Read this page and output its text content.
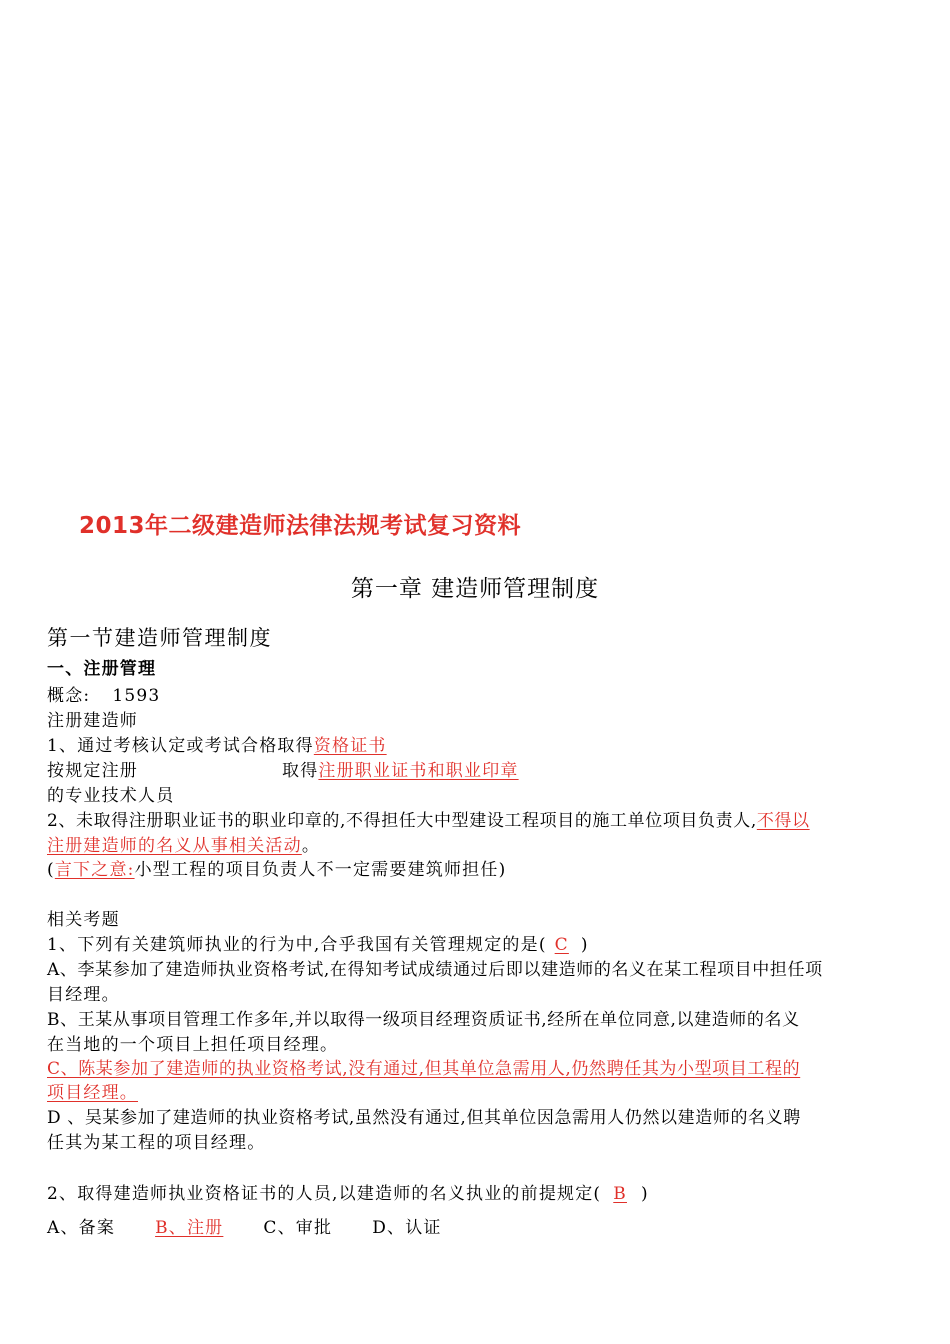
2013年二级建造师法律法规考试复习资料
第一章 建造师管理制度
第一节建造师管理制度
一、注册管理
概念: 1593
注册建造师
1、通过考核认定或考试合格取得资格证书
按规定注册	取得注册职业证书和职业印章
的专业技术人员
2、未取得注册职业证书的职业印章的,不得担任大中型建设工程项目的施工单位项目负责人,不得以
注册建造师的名义从事相关活动。
(言下之意:小型工程的项目负责人不一定需要建筑师担任)
相关考题
1、下列有关建筑师执业的行为中,合乎我国有关管理规定的是( C )
A、李某参加了建造师执业资格考试,在得知考试成绩通过后即以建造师的名义在某工程项目中担任项
目经理。
B、王某从事项目管理工作多年,并以取得一级项目经理资质证书,经所在单位同意,以建造师的名义
在当地的一个项目上担任项目经理。
C、陈某参加了建造师的执业资格考试,没有通过,但其单位急需用人,仍然聘任其为小型项目工程的
项目经理。
D 、吴某参加了建造师的执业资格考试,虽然没有通过,但其单位因急需用人仍然以建造师的名义聘
任其为某工程的项目经理。
2、取得建造师执业资格证书的人员,以建造师的名义执业的前提规定( B )
A、备案 B、注册 C、审批 D、认证
